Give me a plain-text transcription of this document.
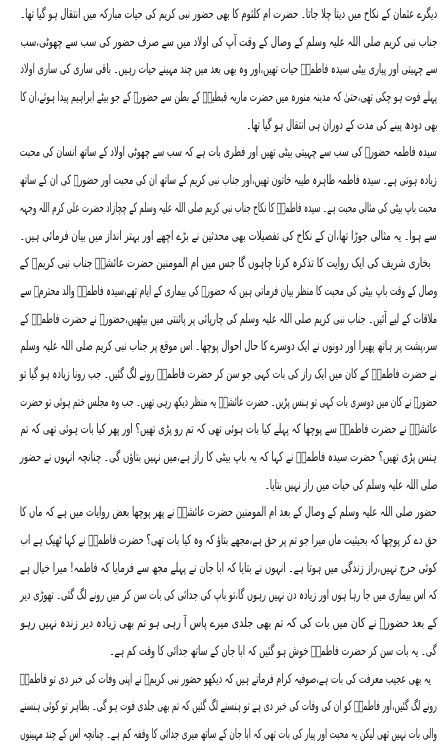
دیگرے عثمان کے نکاح میں دیتا چلا جاتا۔ حضرت ام کلثوم کا بھی حضور نبی کریم کی حیات مبارکہ میں انتقال ہو گیا تھا۔
جناب نبی کریم صلی اللہ علیہ وسلم کے وصال کے وقت آپ کی اولاد میں سے صرف حضور کی سب سے چھوٹی،سب
سے چہیتی اور پیاری بیٹی سیدہ فاطمہؓ حیات تھیں،اور وہ بھی بعد میں چند مہینے حیات رہیں۔ باقی ساری کی ساری اولاد
پہلے فوت ہو چکی تھی،حتیٰ کہ مدینہ منورہ میں حضرت ماریہ قبطیہؓ کے بطن سے حضورؐ کے جو بیٹے ابراہیم پیدا ہوئے،ان کا
بھی دودھ پینے کی مدت کے دوران ہی انتقال ہو گیا تھا۔
سیدہ فاطمہ حضورؐ کی سب سے چہیتی بیٹی تھیں اور فطری بات ہے کہ سب سے چھوٹی اولاد کے ساتھ انسان کی محبت
زیادہ ہوتی ہے۔ سیدہ فاطمہ طاہرہ طیبہ خاتون تھیں،اور جناب نبی کریم کے ساتھ ان کی محبت اور حضورؐ کی ان کے ساتھ
محبت باپ بیٹی کی مثالی محبت ہے۔ سیدہ فاطمہؓ کا نکاح جناب نبی کریم صلی اللہ علیہ وسلم کے چچازاد حضرت علی کرم اللہ وجہہ
سے ہوا۔ یہ مثالی جوڑا تھا،ان کے نکاح کی تفصیلات بھی محدثین نے بڑے اچھے اور بہتر انداز میں بیان فرمائی ہیں۔
بخاری شریف کی ایک روایت کا تذکرہ کرنا چاہوں گا جس میں ام المومنین حضرت عائشہؓ جناب نبی کریمؐ کے
وصال کے وقت باپ بیٹی کی محبت کا منظر بیان فرماتی ہیں کہ حضورؐ کی بیماری کے ایام تھے،سیدہ فاطمہؓ والد محترمؐ سے
ملاقات کے لیے آئیں۔ جناب نبی کریم صلی اللہ علیہ وسلم کی چارپائی پر پائنتی میں بیٹھیں،حضورؐ نے حضرت فاطمہؓ کے
سر،پشت پر ہاتھ پھیرا اور دونوں نے ایک دوسرے کا حال احوال پوچھا۔ اس موقع پر جناب نبی کریم صلی اللہ علیہ وسلم
نے حضرت فاطمہؓ کے کان میں ایک راز کی بات کہی جو سن کر حضرت فاطمہؓ رونے لگ گئیں۔ جب رونا زیادہ ہو گیا تو
حضورؐ نے کان میں دوسری بات کہی تو ہنس پڑیں۔ حضرت عائشہؓ یہ منظر دیکھ رہی تھیں۔ جب وہ مجلس ختم ہوئی تو حضرت
عائشہؓ نے حضرت فاطمہؓ سے پوچھا کہ پہلے کیا بات ہوئی تھی کہ تم رو پڑی تھیں؟ اور پھر کیا بات ہوئی تھی کہ تم
ہنس پڑی تھیں؟ حضرت سیدہ فاطمہؓ نے کہا کہ یہ باپ بیٹی کا راز ہے،میں نہیں بتاؤں گی۔ چنانچہ انہوں نے حضور
صلی اللہ علیہ وسلم کی حیات میں راز نہیں بتایا۔
حضور صلی اللہ علیہ وسلم کے وصال کے بعد ام المومنین حضرت عائشہؓ نے پھر پوچھا بعض روایات میں ہے کہ ماں کا
حق دے کر پوچھا کہ بحیثیت ماں میرا جو تم پر حق ہے،مجھے بتاؤ کہ وہ کیا بات تھی؟ حضرت فاطمہؓ نے کہا ٹھیک ہے اب
کوئی حرج نہیں،راز زندگی میں ہوتا ہے۔ انہوں نے بتایا کہ ابا جان نے پہلے مجھ سے فرمایا کہ فاطمہ! میرا خیال ہے
کہ اس بیماری میں جا رہا ہوں اور زیادہ دن نہیں رہوں گا،تو باپ کی جدائی کی بات سن کر میں رونے لگ گئی۔ تھوڑی دیر
کے بعد حضورؐ نے کان میں بات کی کہ تم بھی جلدی میرے پاس آ رہی ہو تم بھی زیادہ دیر زندہ نہیں رہو
گی۔ یہ بات سن کر حضرت فاطمہؓ خوش ہو گئیں کہ ابا جان کے ساتھ جدائی کا وقت کم ہے۔
یہ بھی عجیب معرفت کی بات ہے،صوفیہ کرام فرماتے ہیں کہ دیکھو حضور نبی کریمؐ نے اپنی وفات کی خبر دی تو فاطمہؓ
رونے لگ گئیں،اور فاطمہؓ کو ان کی وفات کی خبر دی ہے تو ہنسنے لگ گئیں کہ تم بھی جلدی فوت ہو گی۔ بظاہر تو کوئی ہنسنے
والی بات نہیں تھی لیکن یہ محبت اور پیار کی بات تھی کہ ابا جان کے ساتھ میری جدائی کا وقفہ کم ہے۔ چنانچہ اس کے چند مہینوں
